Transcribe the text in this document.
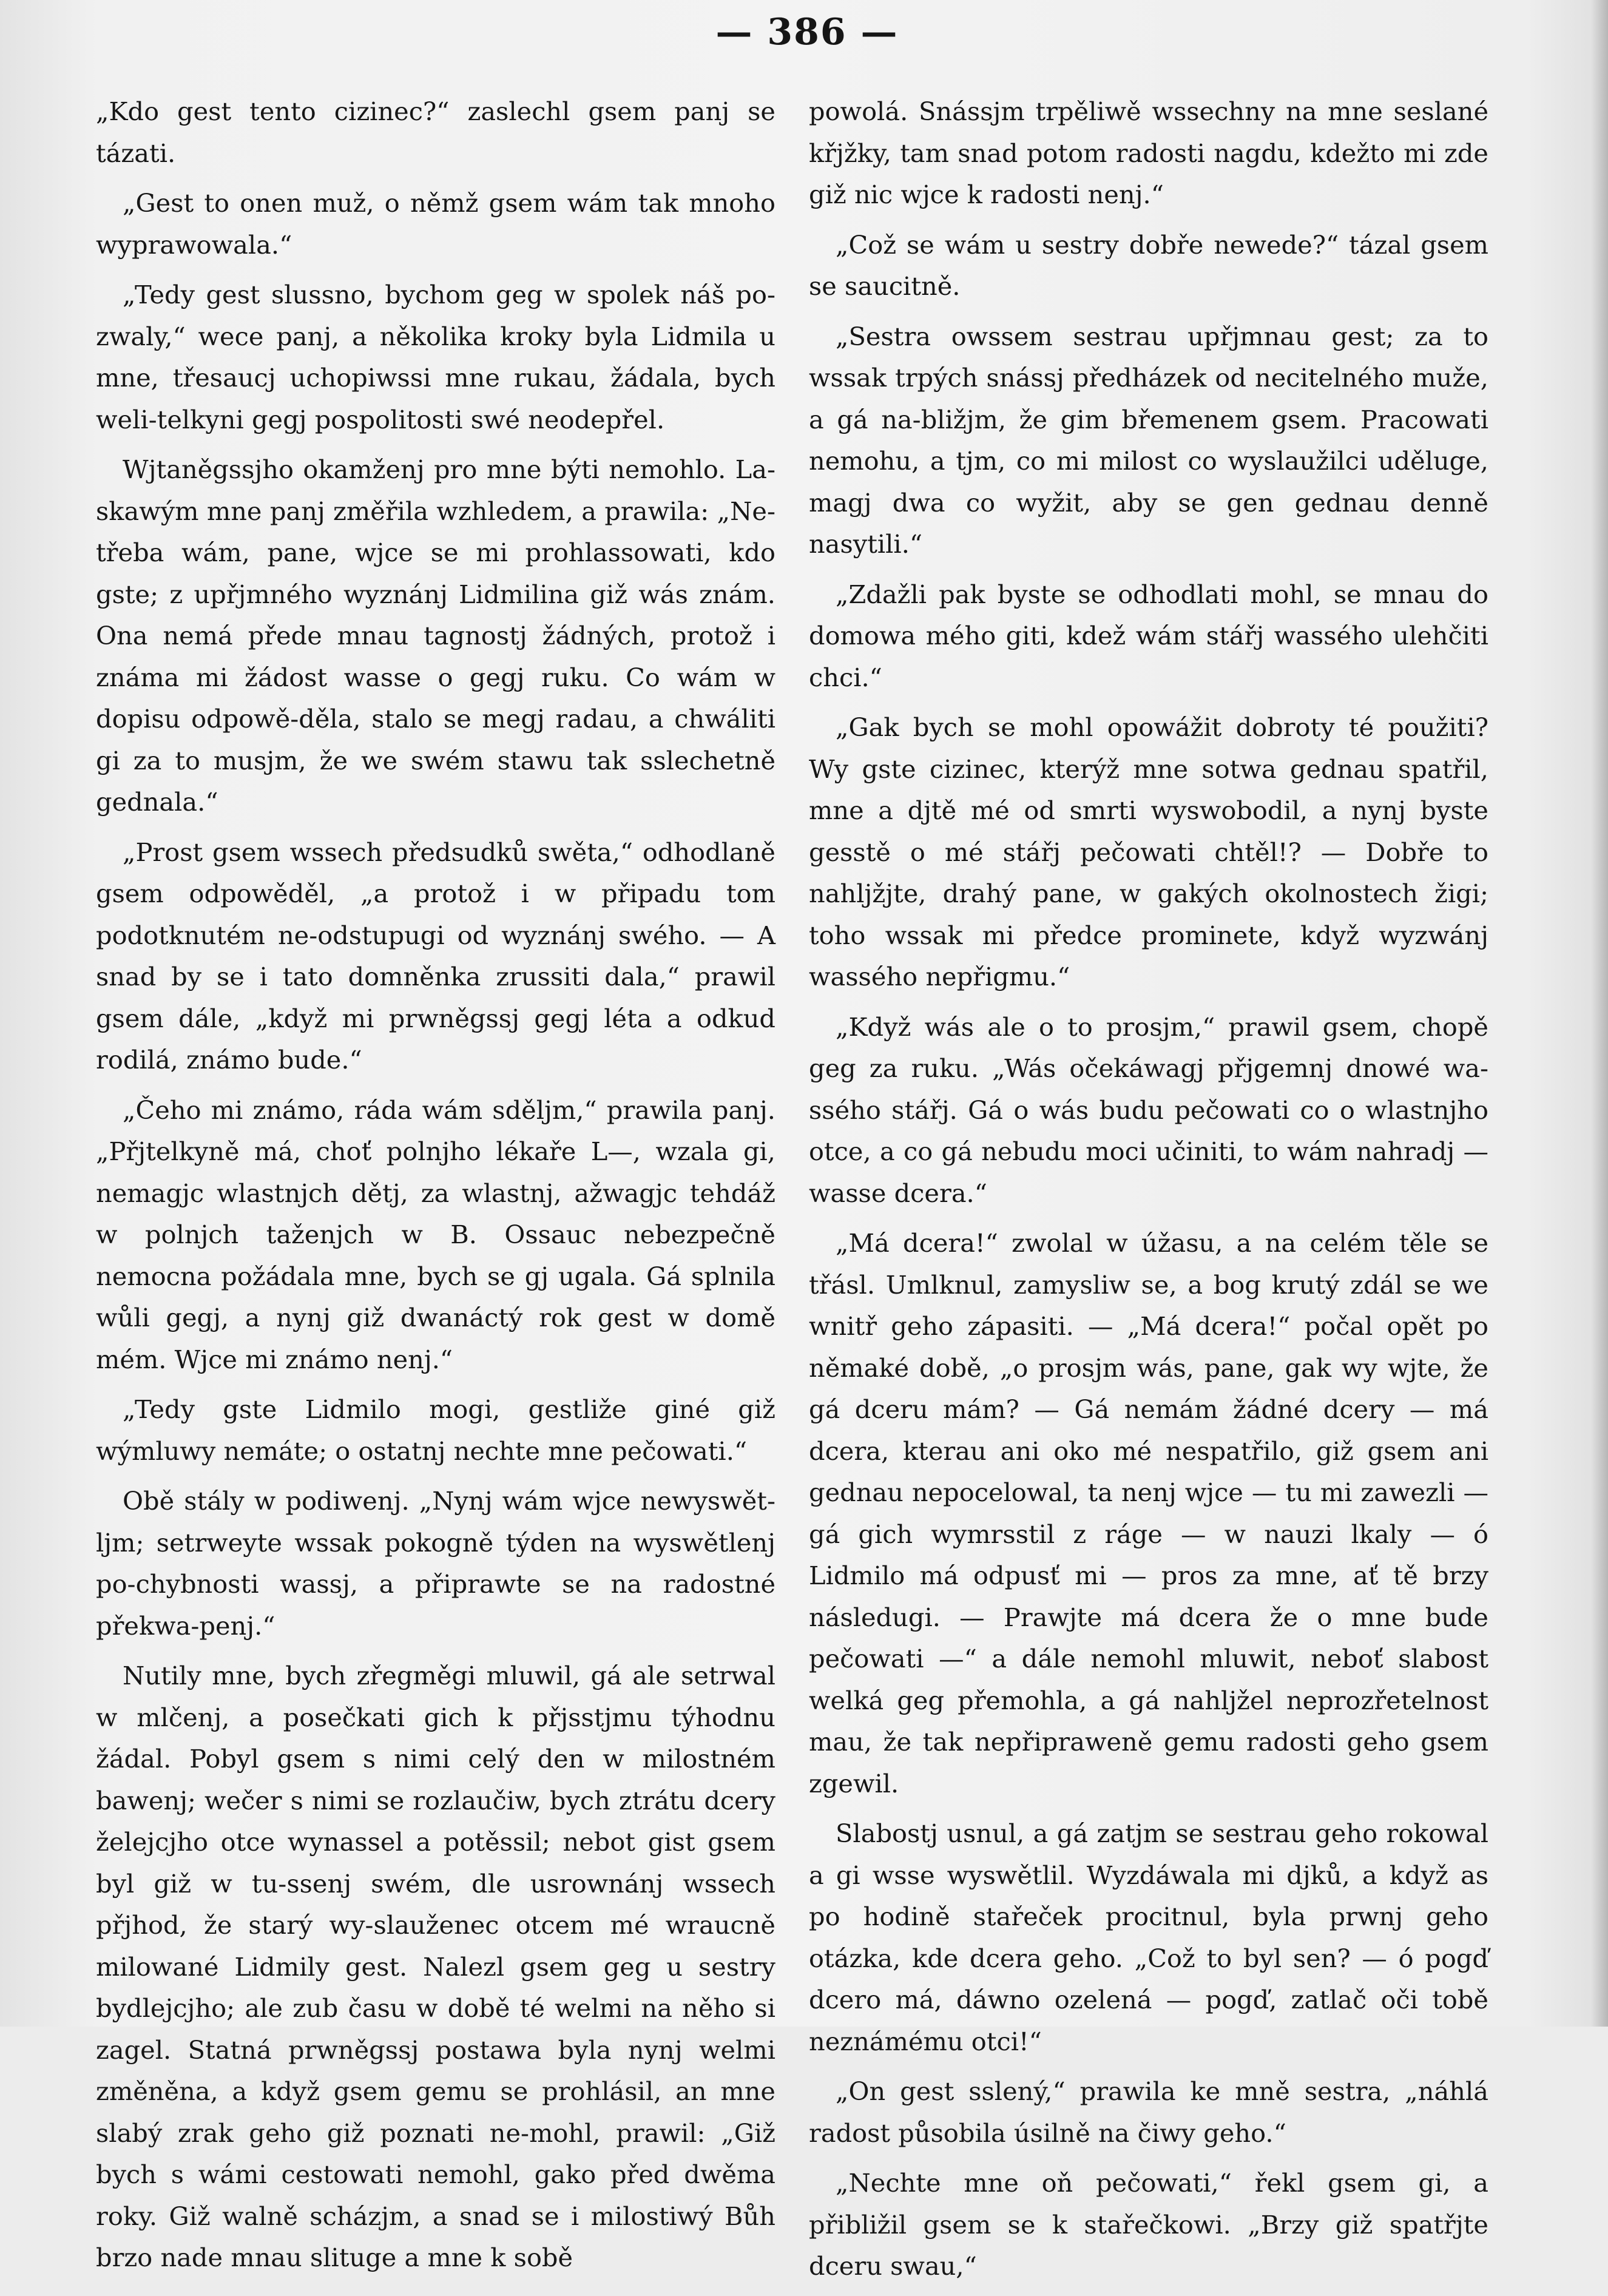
— 386 —

„Kdo gest tento cizinec?“ zaslechl gsem panj se tázati.

„Gest to onen muž, o němž gsem wám tak mnoho wyprawowala.“

„Tedy gest slussno, bychom geg w spolek náš po-zwaly,“ wece panj, a několika kroky byla Lidmila u mne, třesaucj uchopiwssi mne rukau, žádala, bych weli-telkyni gegj pospolitosti swé neodepřel.

Wjtaněgssjho okamženj pro mne býti nemohlo. La-skawým mne panj změřila wzhledem, a prawila: „Ne-třeba wám, pane, wjce se mi prohlassowati, kdo gste; z upřjmného wyznánj Lidmilina giž wás znám. Ona nemá přede mnau tagnostj žádných, protož i známa mi žádost wasse o gegj ruku. Co wám w dopisu odpowě-děla, stalo se megj radau, a chwáliti gi za to musjm, že we swém stawu tak sslechetně gednala.“

„Prost gsem wssech předsudků swěta,“ odhodlaně gsem odpowěděl, „a protož i w připadu tom podotknutém ne-odstupugi od wyznánj swého. — A snad by se i tato domněnka zrussiti dala,“ prawil gsem dále, „když mi prwněgssj gegj léta a odkud rodilá, známo bude.“

„Čeho mi známo, ráda wám sděljm,“ prawila panj. „Přjtelkyně má, choť polnjho lékaře L—, wzala gi, nemagjc wlastnjch dětj, za wlastnj, ažwagjc tehdáž w polnjch taženjch w B. Ossauc nebezpečně nemocna požádala mne, bych se gj ugala. Gá splnila wůli gegj, a nynj giž dwanáctý rok gest w domě mém. Wjce mi známo nenj.“

„Tedy gste Lidmilo mogi, gestliže giné giž wýmluwy nemáte; o ostatnj nechte mne pečowati.“

Obě stály w podiwenj. „Nynj wám wjce newyswět-ljm; setrweyte wssak pokogně týden na wyswětlenj po-chybnosti wassj, a připrawte se na radostné překwa-penj.“

Nutily mne, bych zřegměgi mluwil, gá ale setrwal w mlčenj, a posečkati gich k přjsstjmu týhodnu žádal. Pobyl gsem s nimi celý den w milostném bawenj; wečer s nimi se rozlaučiw, bych ztrátu dcery želejcjho otce wynassel a potěssil; nebot gist gsem byl giž w tu-ssenj swém, dle usrownánj wssech přjhod, že starý wy-slauženec otcem mé wraucně milowané Lidmily gest. Nalezl gsem geg u sestry bydlejcjho; ale zub času w době té welmi na něho si zagel. Statná prwněgssj postawa byla nynj welmi změněna, a když gsem gemu se prohlásil, an mne slabý zrak geho giž poznati ne-mohl, prawil: „Giž bych s wámi cestowati nemohl, gako před dwěma roky. Giž walně scházjm, a snad se i milostiwý Bůh brzo nade mnau slitugе a mne k sobě

powolá. Snássjm trpěliwě wssechny na mne seslané křjžky, tam snad potom radosti nagdu, kdežto mi zde giž nic wjce k radosti nenj.“

„Což se wám u sestry dobře newede?“ tázal gsem se saucitně.

„Sestra owssem sestrau upřjmnau gest; za to wssak trpých snássj předházek od necitelného muže, a gá na-bližjm, že gim břemenem gsem. Pracowati nemohu, a tjm, co mi milost co wyslaužilci uděluge, magj dwa co wyžit, aby se gen gednau denně nasytili.“

„Zdažli pak byste se odhodlati mohl, se mnau do domowa mého giti, kdež wám stářj wassého ulehčiti chci.“

„Gak bych se mohl opowážit dobroty té použiti? Wy gste cizinec, kterýž mne sotwa gednau spatřil, mne a djtě mé od smrti wyswobodil, a nynj byste gesstě o mé stářj pečowati chtěl!? — Dobře to nahljžjte, drahý pane, w gakých okolnostech žigi; toho wssak mi předce prominete, když wyzwánj wassého nepřigmu.“

„Když wás ale o to prosjm,“ prawil gsem, chopě geg za ruku. „Wás očekáwagj přjgemnj dnowé wa-ssého stářj. Gá o wás budu pečowati co o wlastnjho otce, a co gá nebudu moci učiniti, to wám nahradj — wasse dcera.“

„Má dcera!“ zwolal w úžasu, a na celém těle se třásl. Umlknul, zamysliw se, a bog krutý zdál se we wnitř geho zápasiti. — „Má dcera!“ počal opět po němaké době, „o prosjm wás, pane, gak wy wjte, že gá dceru mám? — Gá nemám žádné dcery — má dcera, kterau ani oko mé nespatřilo, giž gsem ani gednau nepocelowal, ta nenj wjce — tu mi zawezli — gá gich wymrsstil z ráge — w nauzi lkaly — ó Lidmilo má odpusť mi — pros za mne, ať tě brzy následugi. — Prawjte má dcera že o mne bude pečowati —“ a dále nemohl mluwit, neboť slabost welká geg přemohla, a gá nahljžel neprozřetelnost mau, že tak nepřipraweně gemu radosti geho gsem zgewil.

Slabostj usnul, a gá zatjm se sestrau geho rokowal a gi wsse wyswětlil. Wyzdáwala mi djků, a když as po hodině stařeček procitnul, byla prwnj geho otázka, kde dcera geho. „Což to byl sen? — ó pogď dcero má, dáwno ozelená — pogď, zatlač oči tobě neznámému otci!“

„On gest sslený,“ prawila ke mně sestra, „náhlá radost působila úsilně na čiwy geho.“

„Nechte mne oň pečowati,“ řekl gsem gi, a přibližil gsem se k stařečkowi. „Brzy giž spatřjte dceru swau,“
